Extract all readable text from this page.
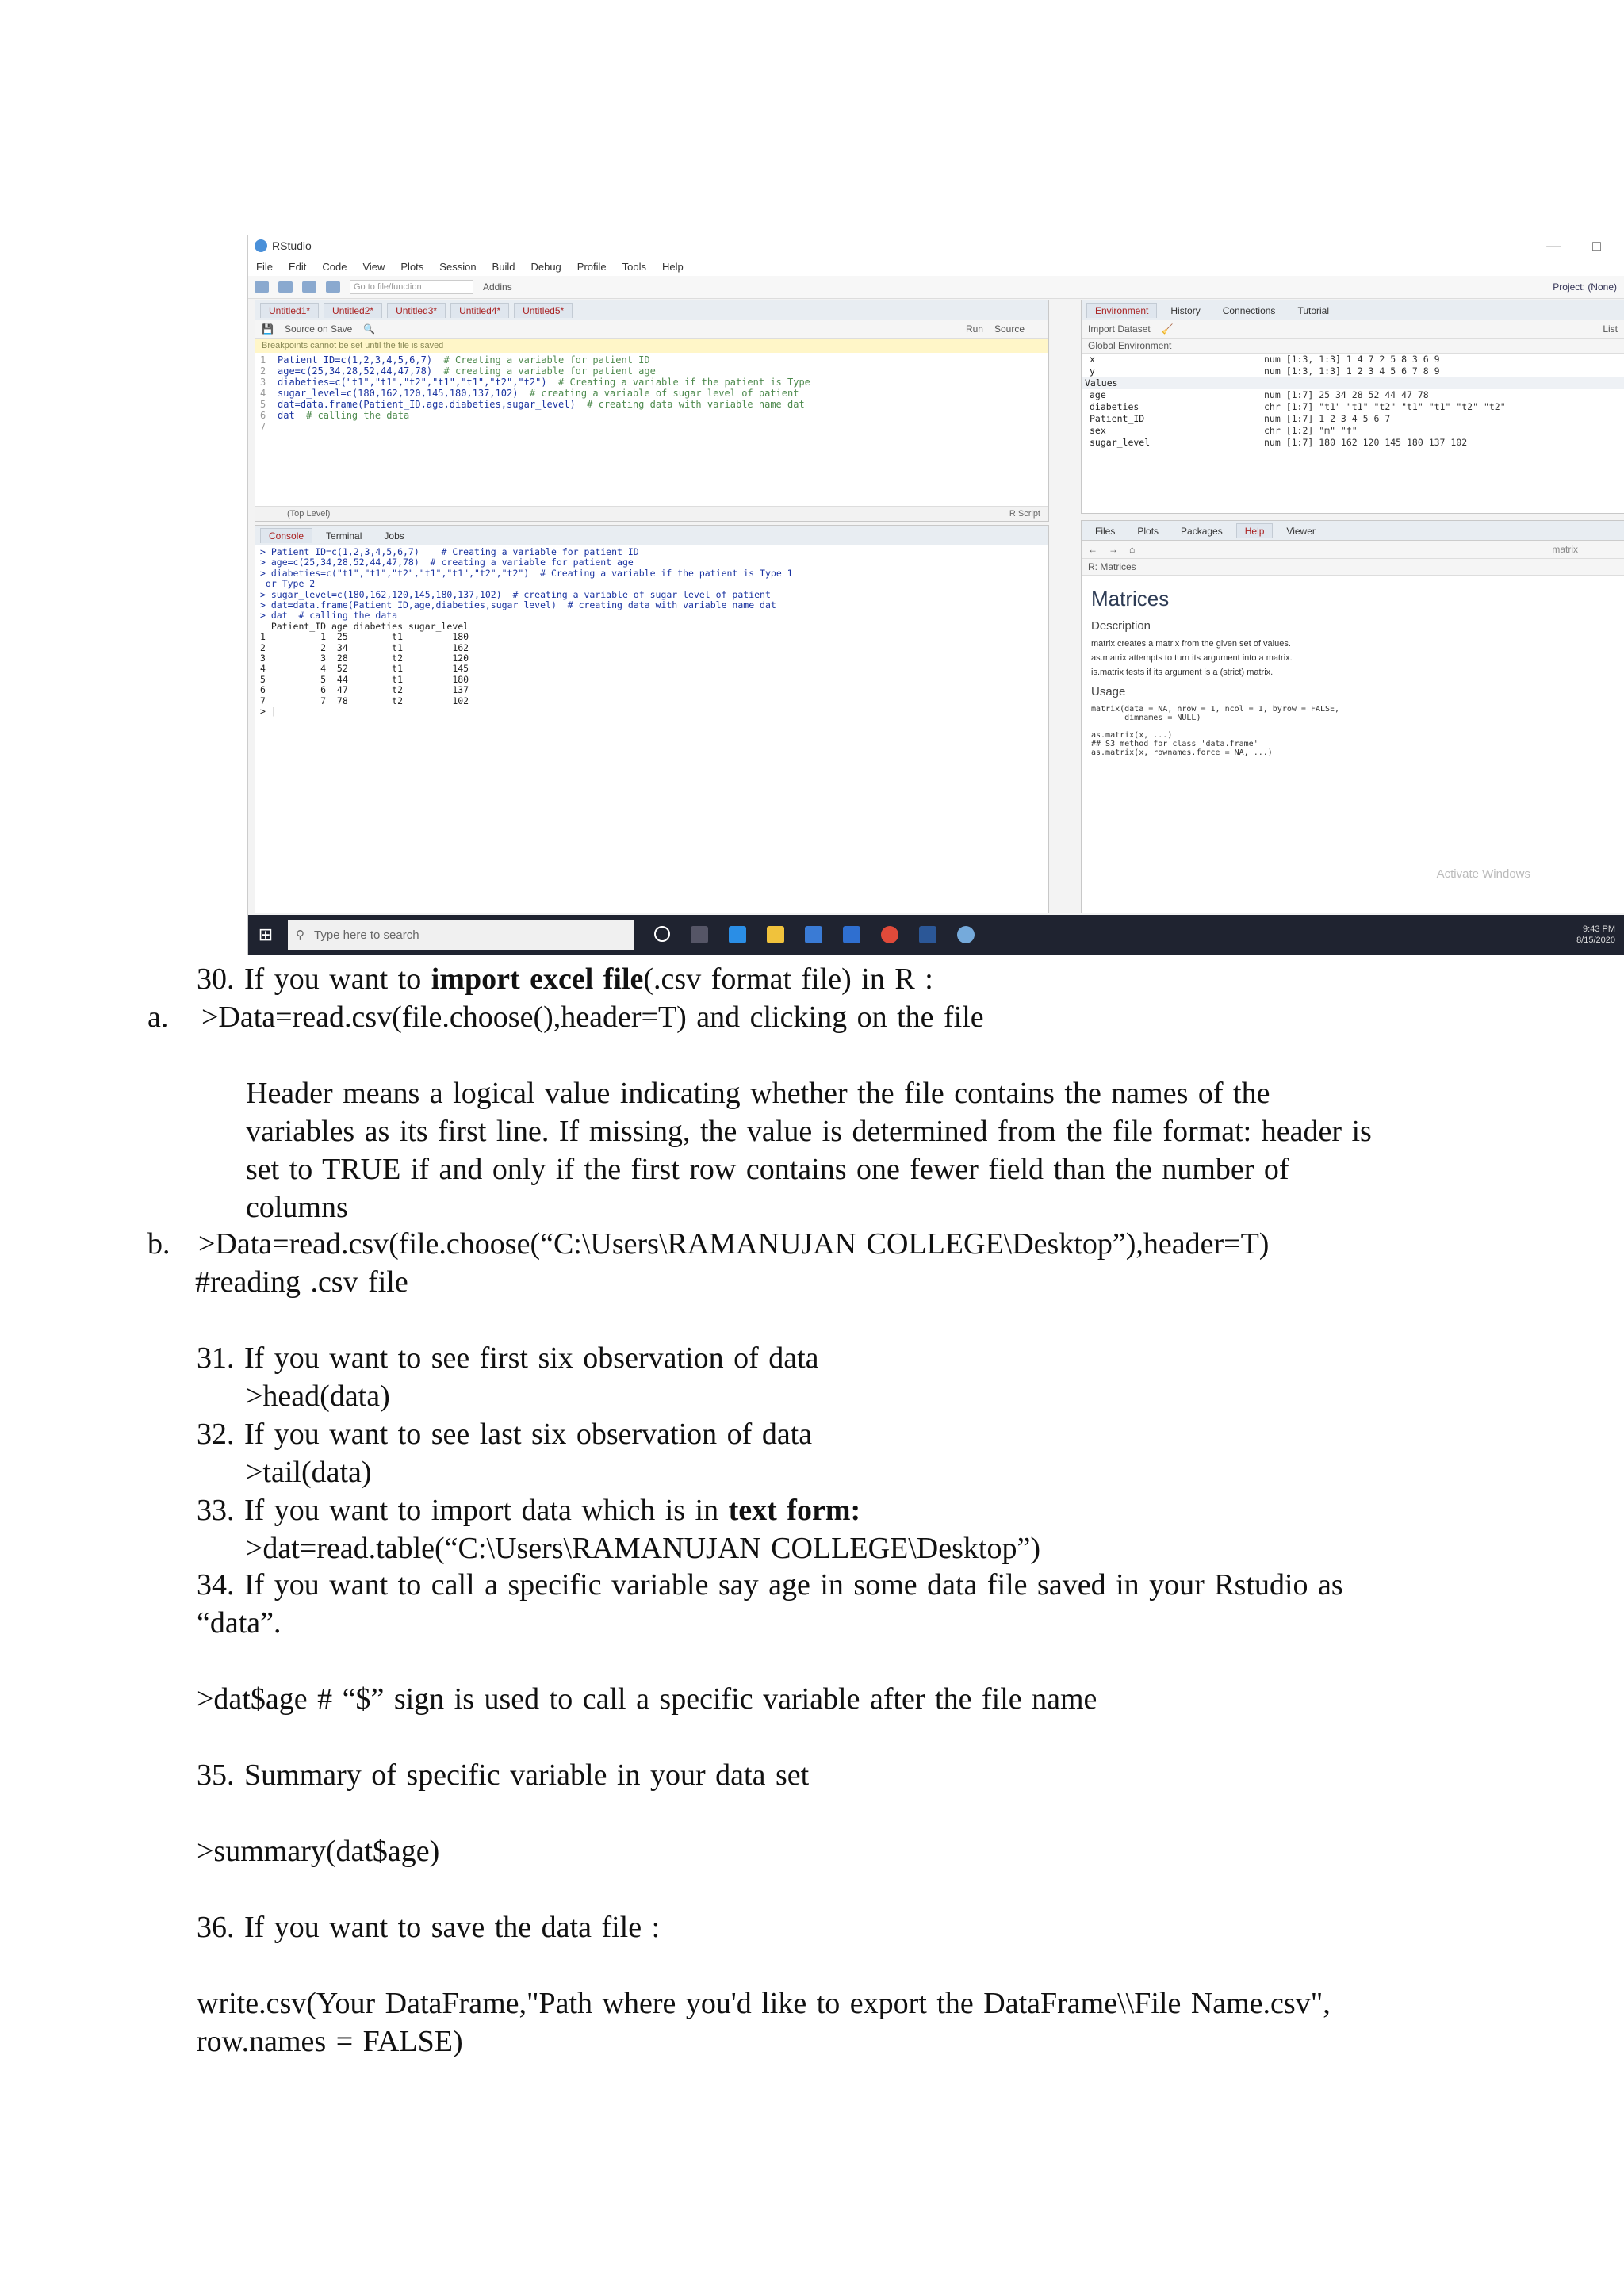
RStudio	— □
File Edit Code View Plots Session Build Debug Profile Tools Help
Go to file/function	Addins	Project: (None)
Untitled1*	Untitled2*	Untitled3*	Untitled4*	Untitled5*
💾 Source on Save 🔍	Run Source
Breakpoints cannot be set until the file is saved
1 Patient_ID=c(1,2,3,4,5,6,7)  # Creating a variable for patient ID
2 age=c(25,34,28,52,44,47,78)  # creating a variable for patient age
3 diabeties=c("t1","t1","t2","t1","t1","t2","t2")  # Creating a variable if the patient is Type
4 sugar_level=c(180,162,120,145,180,137,102)  # creating a variable of sugar level of patient
5 dat=data.frame(Patient_ID,age,diabeties,sugar_level)  # creating data with variable name dat
6 dat  # calling the data
7
(Top Level)	R Script
Console	Terminal	Jobs
> Patient_ID=c(1,2,3,4,5,6,7)    # Creating a variable for patient ID
> age=c(25,34,28,52,44,47,78)  # creating a variable for patient age
> diabeties=c("t1","t1","t2","t1","t1","t2","t2")  # Creating a variable if the patient is Type 1
or Type 2
> sugar_level=c(180,162,120,145,180,137,102)  # creating a variable of sugar level of patient
> dat=data.frame(Patient_ID,age,diabeties,sugar_level)  # creating data with variable name dat
> dat  # calling the data
Patient_ID age diabeties sugar_level
1          1  25        t1         180
2          2  34        t1         162
3          3  28        t2         120
4          4  52        t1         145
5          5  44        t1         180
6          6  47        t2         137
7          7  78        t2         102
> |
Environment	History	Connections	Tutorial
Import Dataset 🧹	List
Global Environment
x	num [1:3, 1:3] 1 4 7 2 5 8 3 6 9
y	num [1:3, 1:3] 1 2 3 4 5 6 7 8 9
Values
age	num [1:7] 25 34 28 52 44 47 78
diabeties	chr [1:7] "t1" "t1" "t2" "t1" "t1" "t2" "t2"
Patient_ID	num [1:7] 1 2 3 4 5 6 7
sex	chr [1:2] "m" "f"
sugar_level	num [1:7] 180 162 120 145 180 137 102
Files	Plots	Packages	Help	Viewer
← → ⌂	matrix
R: Matrices
Matrices
Description

matrix creates a matrix from the given set of values.

as.matrix attempts to turn its argument into a matrix.

is.matrix tests if its argument is a (strict) matrix.

Usage
matrix(data = NA, nrow = 1, ncol = 1, byrow = FALSE,
dimnames = NULL)

as.matrix(x, ...)
## S3 method for class 'data.frame'
as.matrix(x, rownames.force = NA, ...)
Activate Windows
⊞	⚲ Type here to search	9:43 PM
8/15/2020
30. If you want to import excel file(.csv format file) in R :
a. >Data=read.csv(file.choose(),header=T) and clicking on the file
Header means a logical value indicating whether the file contains the names of the
variables as its first line. If missing, the value is determined from the file format: header is
set to TRUE if and only if the first row contains one fewer field than the number of
columns
b. >Data=read.csv(file.choose(“C:\Users\RAMANUJAN COLLEGE\Desktop”),header=T)
#reading .csv file
31. If you want to see first six observation of data
>head(data)
32. If you want to see last six observation of data
>tail(data)
33. If you want to import data which is in text form:
>dat=read.table(“C:\Users\RAMANUJAN COLLEGE\Desktop”)
34. If you want to call a specific variable say age in some data file saved in your Rstudio as
“data”.
>dat$age # “$” sign is used to call a specific variable after the file name
35. Summary of specific variable in your data set
>summary(dat$age)
36. If you want to save the data file :
write.csv(Your DataFrame,"Path where you'd like to export the DataFrame\\File Name.csv",
row.names = FALSE)
